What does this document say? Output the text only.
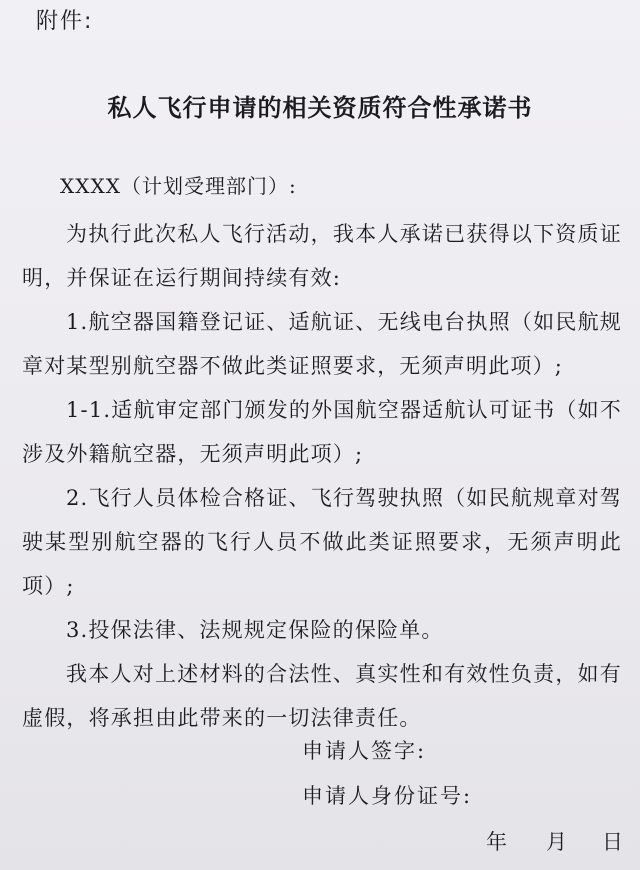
附件:
私人飞行申请的相关资质符合性承诺书
XXXX（计划受理部门）:

为执行此次私人飞行活动，我本人承诺已获得以下资质证明，并保证在运行期间持续有效:

1.航空器国籍登记证、适航证、无线电台执照（如民航规章对某型别航空器不做此类证照要求，无须声明此项）;

1-1.适航审定部门颁发的外国航空器适航认可证书（如不涉及外籍航空器，无须声明此项）;

2.飞行人员体检合格证、飞行驾驶执照（如民航规章对驾驶某型别航空器的飞行人员不做此类证照要求，无须声明此项）;

3.投保法律、法规规定保险的保险单。

我本人对上述材料的合法性、真实性和有效性负责，如有虚假，将承担由此带来的一切法律责任。

申请人签字:
申请人身份证号:
年 月 日
